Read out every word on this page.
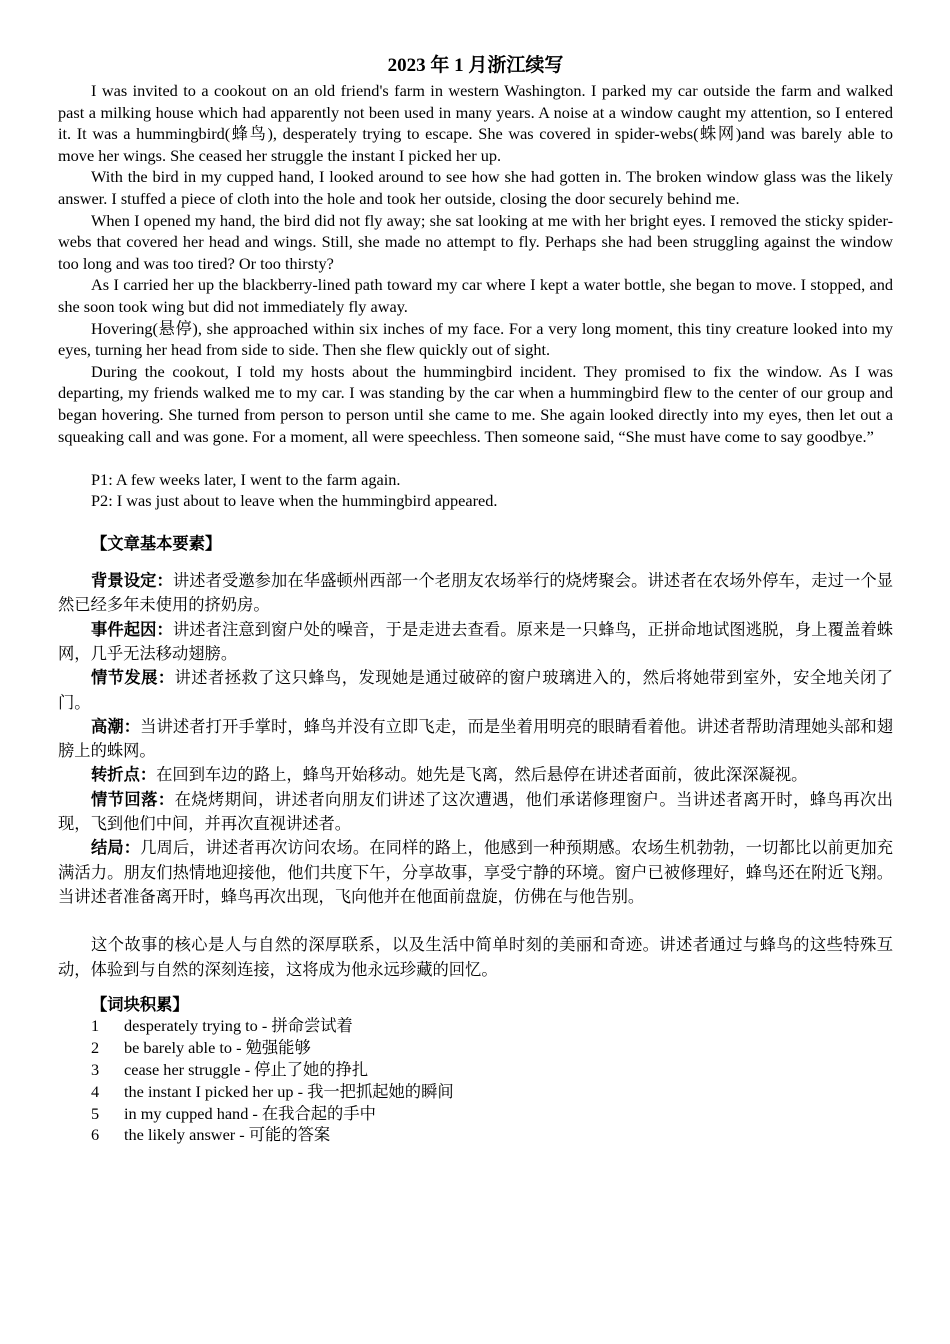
2023 年 1 月浙江续写

I was invited to a cookout on an old friend's farm in western Washington. I parked my car outside the farm and walked past a milking house which had apparently not been used in many years. A noise at a window caught my attention, so I entered it. It was a hummingbird(蜂鸟), desperately trying to escape. She was covered in spider-webs(蛛网)and was barely able to move her wings. She ceased her struggle the instant I picked her up.

With the bird in my cupped hand, I looked around to see how she had gotten in. The broken window glass was the likely answer. I stuffed a piece of cloth into the hole and took her outside, closing the door securely behind me.

When I opened my hand, the bird did not fly away; she sat looking at me with her bright eyes. I removed the sticky spider-webs that covered her head and wings. Still, she made no attempt to fly. Perhaps she had been struggling against the window too long and was too tired? Or too thirsty?

As I carried her up the blackberry-lined path toward my car where I kept a water bottle, she began to move. I stopped, and she soon took wing but did not immediately fly away.

Hovering(悬停), she approached within six inches of my face. For a very long moment, this tiny creature looked into my eyes, turning her head from side to side. Then she flew quickly out of sight.

During the cookout, I told my hosts about the hummingbird incident. They promised to fix the window. As I was departing, my friends walked me to my car. I was standing by the car when a hummingbird flew to the center of our group and began hovering. She turned from person to person until she came to me. She again looked directly into my eyes, then let out a squeaking call and was gone. For a moment, all were speechless. Then someone said, “She must have come to say goodbye.”

P1: A few weeks later, I went to the farm again.

P2: I was just about to leave when the hummingbird appeared.

【文章基本要素】

背景设定：讲述者受邀参加在华盛顿州西部一个老朋友农场举行的烧烤聚会。讲述者在农场外停车，走过一个显然已经多年未使用的挤奶房。

事件起因：讲述者注意到窗户处的噪音，于是走进去查看。原来是一只蜂鸟，正拼命地试图逃脱，身上覆盖着蛛网，几乎无法移动翅膀。

情节发展：讲述者拯救了这只蜂鸟，发现她是通过破碎的窗户玻璃进入的，然后将她带到室外，安全地关闭了门。

高潮：当讲述者打开手掌时，蜂鸟并没有立即飞走，而是坐着用明亮的眼睛看着他。讲述者帮助清理她头部和翅膀上的蛛网。

转折点：在回到车边的路上，蜂鸟开始移动。她先是飞离，然后悬停在讲述者面前，彼此深深凝视。

情节回落：在烧烤期间，讲述者向朋友们讲述了这次遭遇，他们承诺修理窗户。当讲述者离开时，蜂鸟再次出现，飞到他们中间，并再次直视讲述者。

结局：几周后，讲述者再次访问农场。在同样的路上，他感到一种预期感。农场生机勃勃，一切都比以前更加充满活力。朋友们热情地迎接他，他们共度下午，分享故事，享受宁静的环境。窗户已被修理好，蜂鸟还在附近飞翔。当讲述者准备离开时，蜂鸟再次出现，飞向他并在他面前盘旋，仿佛在与他告别。

这个故事的核心是人与自然的深厚联系，以及生活中简单时刻的美丽和奇迹。讲述者通过与蜂鸟的这些特殊互动，体验到与自然的深刻连接，这将成为他永远珍藏的回忆。

【词块积累】

1	desperately trying to - 拼命尝试着
2	be barely able to - 勉强能够
3	cease her struggle - 停止了她的挣扎
4	the instant I picked her up - 我一把抓起她的瞬间
5	in my cupped hand - 在我合起的手中
6	the likely answer - 可能的答案
